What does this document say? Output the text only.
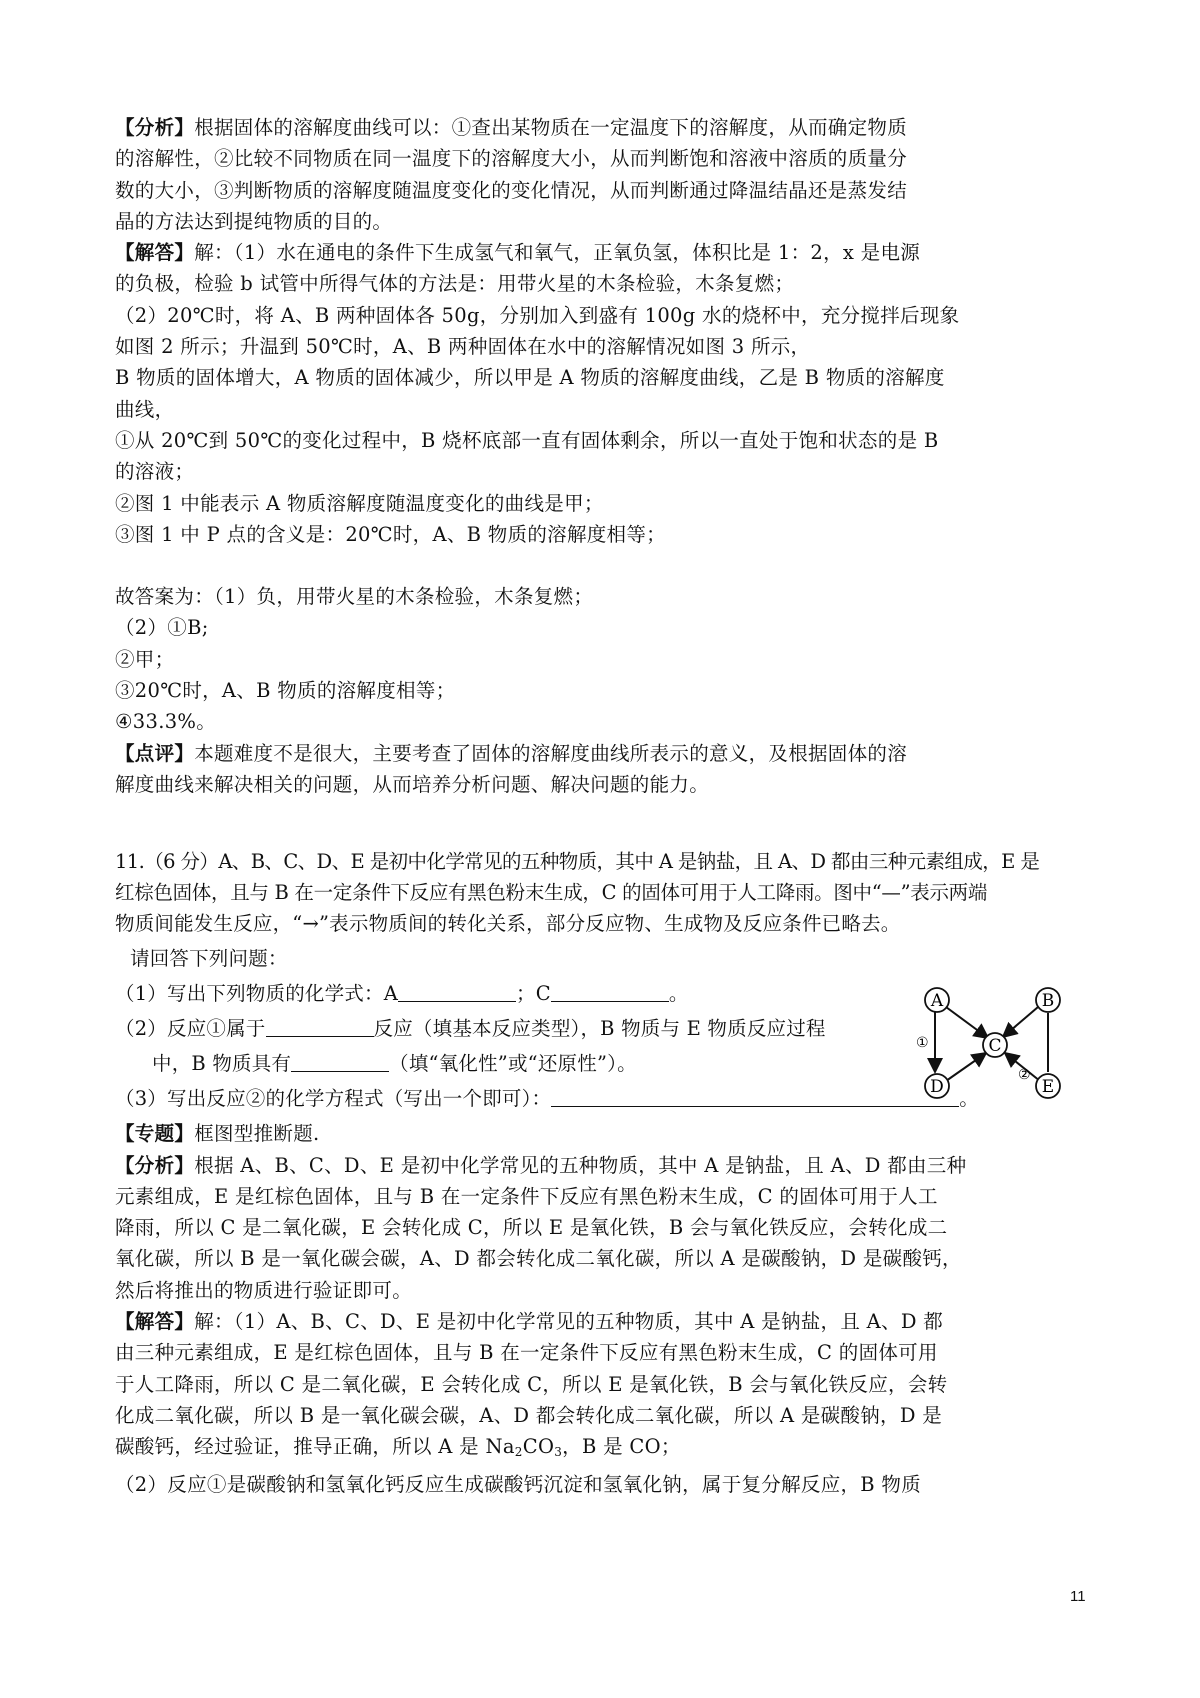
【分析】根据固体的溶解度曲线可以：①查出某物质在一定温度下的溶解度，从而确定物质
的溶解性，②比较不同物质在同一温度下的溶解度大小，从而判断饱和溶液中溶质的质量分
数的大小，③判断物质的溶解度随温度变化的变化情况，从而判断通过降温结晶还是蒸发结
晶的方法达到提纯物质的目的。
【解答】解：（1）水在通电的条件下生成氢气和氧气，正氧负氢，体积比是 1：2，x 是电源
的负极，检验 b 试管中所得气体的方法是：用带火星的木条检验，木条复燃；
（2）20℃时，将 A、B 两种固体各 50g，分别加入到盛有 100g 水的烧杯中，充分搅拌后现象
如图 2 所示；升温到 50℃时，A、B 两种固体在水中的溶解情况如图 3 所示，
B 物质的固体增大，A 物质的固体减少，所以甲是 A 物质的溶解度曲线，乙是 B 物质的溶解度
曲线，
①从 20℃到 50℃的变化过程中，B 烧杯底部一直有固体剩余，所以一直处于饱和状态的是 B
的溶液；
②图 1 中能表示 A 物质溶解度随温度变化的曲线是甲；
③图 1 中 P 点的含义是：20℃时，A、B 物质的溶解度相等；
故答案为：（1）负，用带火星的木条检验，木条复燃；
（2）①B;
②甲；
③20℃时，A、B 物质的溶解度相等；
④33.3%。
【点评】本题难度不是很大，主要考查了固体的溶解度曲线所表示的意义，及根据固体的溶
解度曲线来解决相关的问题，从而培养分析问题、解决问题的能力。
11.（6 分）A、B、C、D、E 是初中化学常见的五种物质，其中 A 是钠盐，且 A、D 都由三种元素组成，E 是
红棕色固体，且与 B 在一定条件下反应有黑色粉末生成，C 的固体可用于人工降雨。图中“—”表示两端
物质间能发生反应，“→”表示物质间的转化关系，部分反应物、生成物及反应条件已略去。
请回答下列问题：
（1）写出下列物质的化学式：A	；C	。
（2）反应①属于	反应（填基本反应类型），B 物质与 E 物质反应过程
中，B 物质具有	（填“氧化性”或“还原性”）。
（3）写出反应②的化学方程式（写出一个即可）：	。
【专题】框图型推断题.
【分析】根据 A、B、C、D、E 是初中化学常见的五种物质，其中 A 是钠盐，且 A、D 都由三种
元素组成，E 是红棕色固体，且与 B 在一定条件下反应有黑色粉末生成，C 的固体可用于人工
降雨，所以 C 是二氧化碳，E 会转化成 C，所以 E 是氧化铁，B 会与氧化铁反应，会转化成二
氧化碳，所以 B 是一氧化碳会碳，A、D 都会转化成二氧化碳，所以 A 是碳酸钠，D 是碳酸钙，
然后将推出的物质进行验证即可。
【解答】解：（1）A、B、C、D、E 是初中化学常见的五种物质，其中 A 是钠盐，且 A、D 都
由三种元素组成，E 是红棕色固体，且与 B 在一定条件下反应有黑色粉末生成，C 的固体可用
于人工降雨，所以 C 是二氧化碳，E 会转化成 C，所以 E 是氧化铁，B 会与氧化铁反应，会转
化成二氧化碳，所以 B 是一氧化碳会碳，A、D 都会转化成二氧化碳，所以 A 是碳酸钠，D 是
碳酸钙，经过验证，推导正确，所以 A 是 $Na_2CO_3$，B 是 CO；
（2）反应①是碳酸钠和氢氧化钙反应生成碳酸钙沉淀和氢氧化钠，属于复分解反应，B 物质
A	B
C
D	E
①
②
11
